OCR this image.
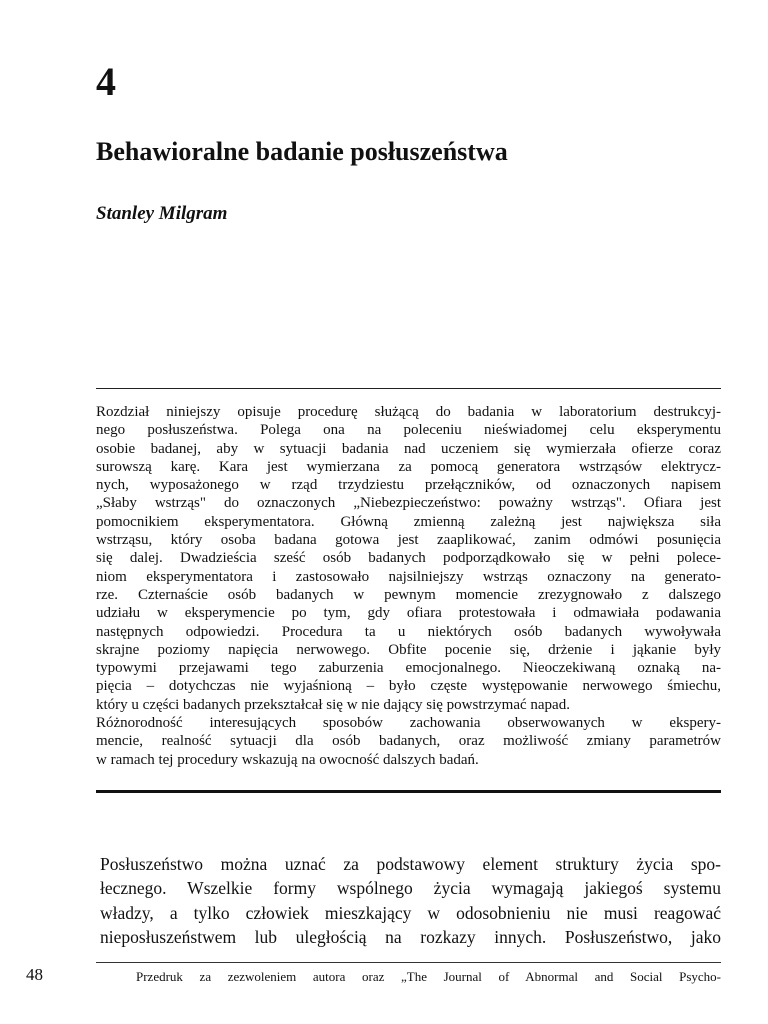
4
Behawioralne badanie posłuszeństwa
Stanley Milgram
Rozdział niniejszy opisuje procedurę służącą do badania w laboratorium destrukcyj-
nego posłuszeństwa. Polega ona na poleceniu nieświadomej celu eksperymentu
osobie badanej, aby w sytuacji badania nad uczeniem się wymierzała ofierze coraz
surowszą karę. Kara jest wymierzana za pomocą generatora wstrząsów elektrycz-
nych, wyposażonego w rząd trzydziestu przełączników, od oznaczonych napisem
„Słaby wstrząs" do oznaczonych „Niebezpieczeństwo: poważny wstrząs". Ofiara jest
pomocnikiem eksperymentatora. Główną zmienną zależną jest największa siła
wstrząsu, który osoba badana gotowa jest zaaplikować, zanim odmówi posunięcia
się dalej. Dwadzieścia sześć osób badanych podporządkowało się w pełni polece-
niom eksperymentatora i zastosowało najsilniejszy wstrząs oznaczony na generato-
rze. Czternaście osób badanych w pewnym momencie zrezygnowało z dalszego
udziału w eksperymencie po tym, gdy ofiara protestowała i odmawiała podawania
następnych odpowiedzi. Procedura ta u niektórych osób badanych wywoływała
skrajne poziomy napięcia nerwowego. Obfite pocenie się, drżenie i jąkanie były
typowymi przejawami tego zaburzenia emocjonalnego. Nieoczekiwaną oznaką na-
pięcia – dotychczas nie wyjaśnioną – było częste występowanie nerwowego śmiechu,
który u części badanych przekształcał się w nie dający się powstrzymać napad.
Różnorodność interesujących sposobów zachowania obserwowanych w ekspery-
mencie, realność sytuacji dla osób badanych, oraz możliwość zmiany parametrów
w ramach tej procedury wskazują na owocność dalszych badań.
Posłuszeństwo można uznać za podstawowy element struktury życia spo-
łecznego. Wszelkie formy wspólnego życia wymagają jakiegoś systemu
władzy, a tylko człowiek mieszkający w odosobnieniu nie musi reagować
nieposłuszeństwem lub uległością na rozkazy innych. Posłuszeństwo, jako
48	Przedruk za zezwoleniem autora oraz „The Journal of Abnormal and Social Psycho-
